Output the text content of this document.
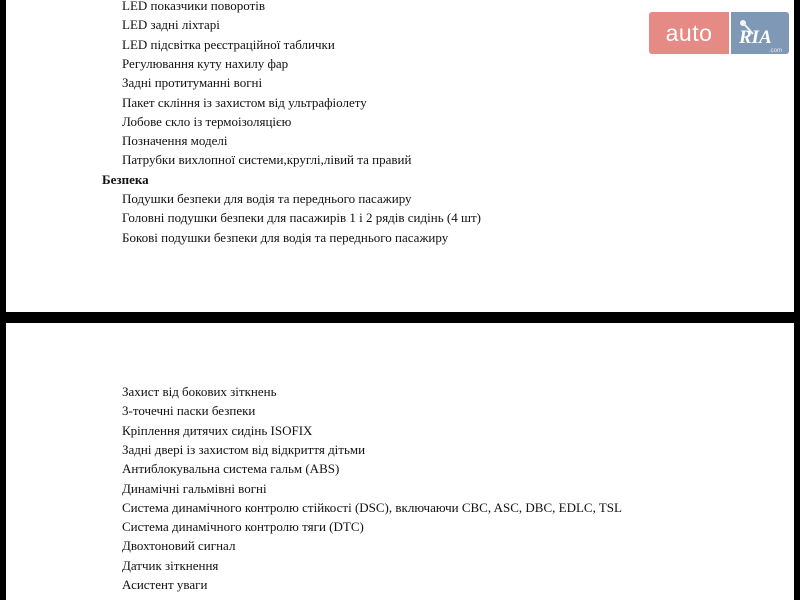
LED показчики поворотів
LED задні ліхтарі
LED підсвітка реєстраційної таблички
Регулювання куту нахилу фар
Задні протитуманні вогні
Пакет скління із захистом від ультрафіолету
Лобове скло із термоізоляцією
Позначення моделі
Патрубки вихлопної системи,круглі,лівий та правий
Безпека
Подушки безпеки для водія та переднього пасажиру
Головні подушки безпеки для пасажирів 1 і 2 рядів сидінь (4 шт)
Бокові подушки безпеки для водія та переднього пасажиру
Захист від бокових зіткнень
3-точечні паски безпеки
Кріплення дитячих сидінь ISOFIX
Задні двері із захистом від відкриття дітьми
Антиблокувальна система гальм (ABS)
Динамічні гальмівні вогні
Система динамічного контролю стійкості (DSC), включаючи CBC, ASC, DBC, EDLC, TSL
Система динамічного контролю тяги (DTC)
Двохтоновий сигнал
Датчик зіткнення
Асистент уваги
auto	RIA
.com
